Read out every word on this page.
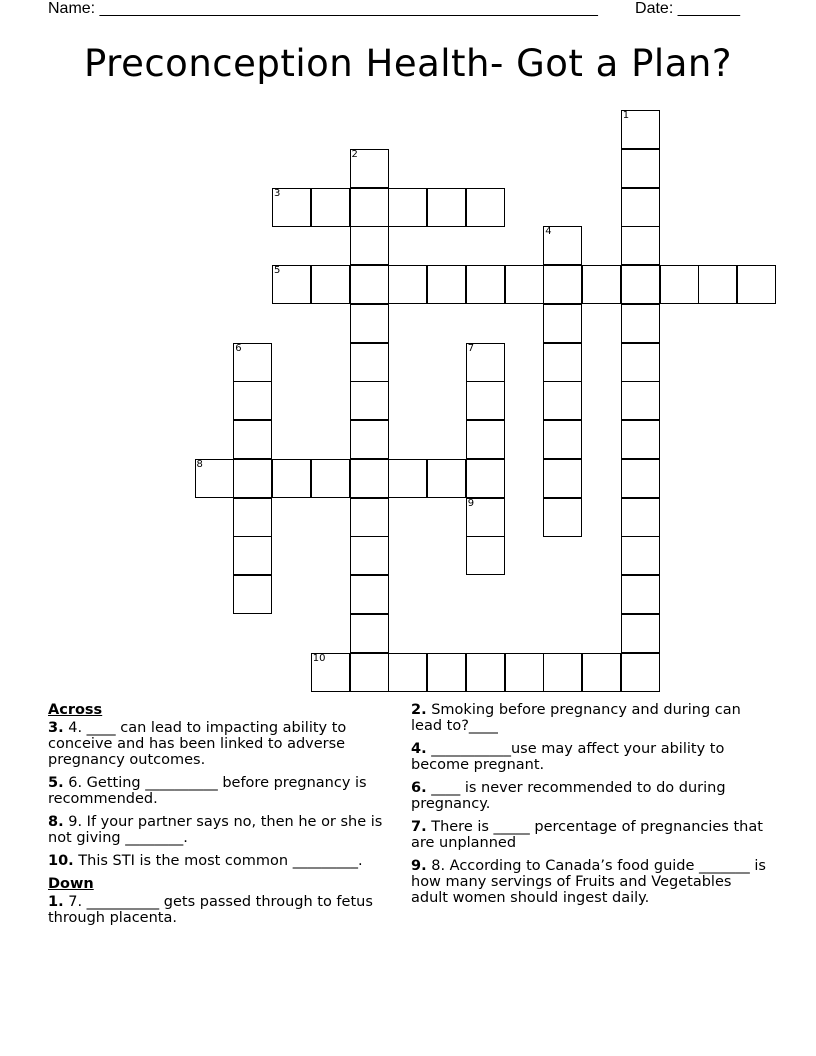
Name: ________________________________________________________ Date: _______
Preconception Health- Got a Plan?
1
2
3
4
5
6	7
8
9
10
Across
3. 4. ____ can lead to impacting ability to conceive and has been linked to adverse pregnancy outcomes.
5. 6. Getting __________ before pregnancy is recommended.
8. 9. If your partner says no, then he or she is not giving ________.
10. This STI is the most common _________.
Down
1. 7. __________ gets passed through to fetus through placenta.
2. Smoking before pregnancy and during can lead to?____
4. ___________use may affect your ability to become pregnant.
6. ____ is never recommended to do during pregnancy.
7. There is _____ percentage of pregnancies that are unplanned
9. 8. According to Canada’s food guide _______ is how many servings of Fruits and Vegetables adult women should ingest daily.
